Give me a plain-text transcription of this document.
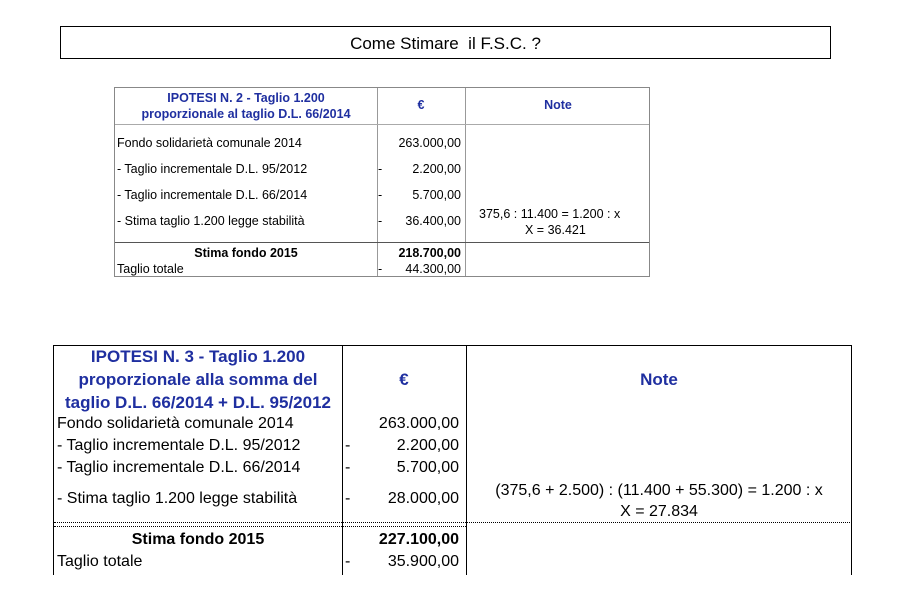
Come Stimare  il F.S.C. ?
IPOTESI N. 2 - Taglio 1.200
proporzionale al taglio D.L. 66/2014
€	Note
Fondo solidarietà comunale 2014	263.000,00
- Taglio incrementale D.L. 95/2012	-	2.200,00
- Taglio incrementale D.L. 66/2014	-	5.700,00
- Stima taglio 1.200 legge stabilità	-	36.400,00 375,6 : 11.400 = 1.200 : x
X = 36.421
Stima fondo 2015	218.700,00
Taglio totale	-	44.300,00
IPOTESI N. 3 - Taglio 1.200
proporzionale alla somma del
taglio D.L. 66/2014 + D.L. 95/2012
€	Note
Fondo solidarietà comunale 2014	263.000,00
- Taglio incrementale D.L. 95/2012	-	2.200,00
- Taglio incrementale D.L. 66/2014	-	5.700,00
- Stima taglio 1.200 legge stabilità	-	28.000,00	(375,6 + 2.500) : (11.400 + 55.300) = 1.200 : x
X = 27.834
Stima fondo 2015	227.100,00
Taglio totale	-	35.900,00
